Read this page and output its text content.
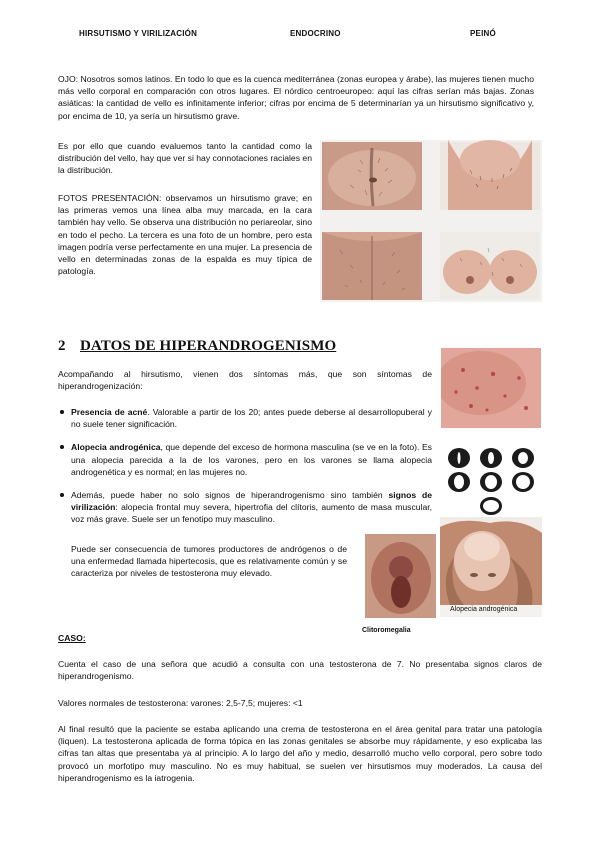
HIRSUTISMO Y VIRILIZACIÓN	ENDOCRINO	PEINÓ

OJO: Nosotros somos latinos. En todo lo que es la cuenca mediterránea (zonas europea y árabe), las mujeres tienen mucho más vello corporal en comparación con otros lugares. El nórdico centroeuropeo: aquí las cifras serían más bajas. Zonas asiáticas: la cantidad de vello es infinitamente inferior; cifras por encima de 5 determinarían ya un hirsutismo significativo y, por encima de 10, ya sería un hirsutismo grave.

Es por ello que cuando evaluemos tanto la cantidad como la distribución del vello, hay que ver si hay connotaciones raciales en la distribución.

FOTOS PRESENTACIÓN: observamos un hirsutismo grave; en las primeras vemos una línea alba muy marcada, en la cara también hay vello. Se observa una distribución no periareolar, sino en todo el pecho. La tercera es una foto de un hombre, pero esta imagen podría verse perfectamente en una mujer. La presencia de vello en determinadas zonas de la espalda es muy típica de patología.

2 DATOS DE HIPERANDROGENISMO

Acompañando al hirsutismo, vienen dos síntomas más, que son síntomas de hiperandrogenización:

Presencia de acné. Valorable a partir de los 20; antes puede deberse al desarrollopuberal y no suele tener significación.
Alopecia androgénica, que depende del exceso de hormona masculina (se ve en la foto). Es una alopecia parecida a la de los varones, pero en los varones se llama alopecia androgenética y es normal; en las mujeres no.
Además, puede haber no solo signos de hiperandrogenismo sino también signos de virilización: alopecia frontal muy severa, hipertrofia del clítoris, aumento de masa muscular, voz más grave. Suele ser un fenotipo muy masculino.

Puede ser consecuencia de tumores productores de andrógenos o de una enfermedad llamada hipertecosis, que es relativamente común y se caracteriza por niveles de testosterona muy elevado.

Alopecia androgénica
Clitoromegalia
CASO:

Cuenta el caso de una señora que acudió a consulta con una testosterona de 7. No presentaba signos claros de hiperandrogenismo.

Valores normales de testosterona: varones: 2,5-7,5; mujeres: <1

Al final resultó que la paciente se estaba aplicando una crema de testosterona en el área genital para tratar una patología (liquen). La testosterona aplicada de forma tópica en las zonas genitales se absorbe muy rápidamente, y eso explicaba las cifras tan altas que presentaba ya al principio. A lo largo del año y medio, desarrolló mucho vello corporal, pero sobre todo provocó un morfotipo muy masculino. No es muy habitual, se suelen ver hirsutismos muy moderados. La causa del hiperandrogenismo es la iatrogenia.
